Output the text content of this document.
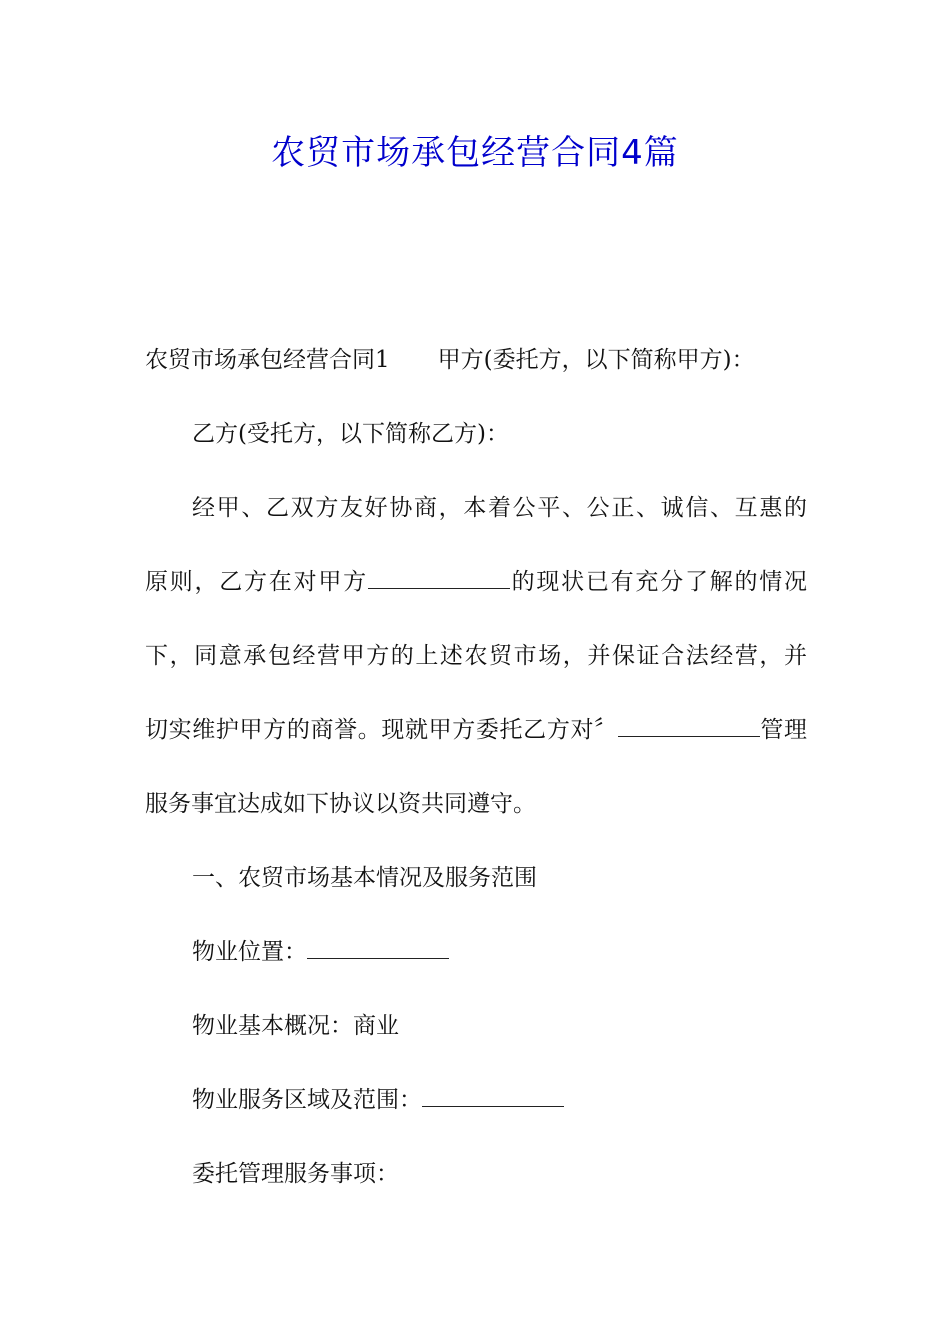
农贸市场承包经营合同4篇
农贸市场承包经营合同1 甲方(委托方，以下简称甲方)：
乙方(受托方，以下简称乙方)：
经甲、乙双方友好协商，本着公平、公正、诚信、互惠的
原则，乙方在对甲方	的现状已有充分了解的情况
下，同意承包经营甲方的上述农贸市场，并保证合法经营，并
切实维护甲方的商誉。现就甲方委托乙方对〞	管理
服务事宜达成如下协议以资共同遵守。
一、农贸市场基本情况及服务范围
物业位置：
物业基本概况：商业
物业服务区域及范围：
委托管理服务事项：
